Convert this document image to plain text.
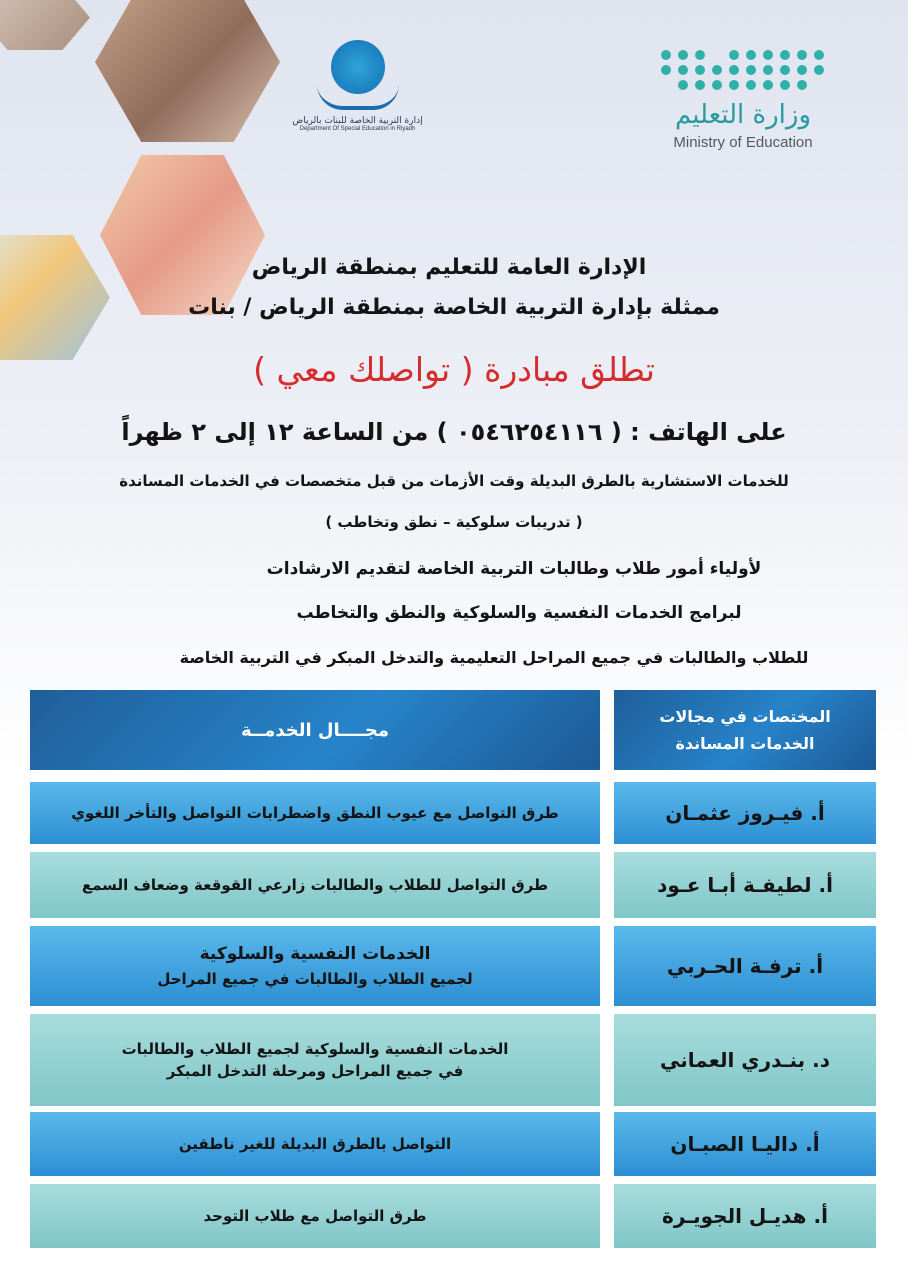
إدارة التربية الخاصة للبنات بالرياض
Department Of Special Education in Riyadh	وزارة التعليم
Ministry of Education
الإدارة العامة للتعليم بمنطقة الرياض
ممثلة بإدارة التربية الخاصة بمنطقة الرياض / بنات
تطلق مبادرة ( تواصلك معي )
على الهاتف : ( ٠٥٤٦٢٥٤١١٦ ) من الساعة ١٢ إلى ٢ ظهراً
للخدمات الاستشارية بالطرق البديلة وقت الأزمات من قبل متخصصات في الخدمات المساندة
( تدريبات سلوكية – نطق وتخاطب )
لأولياء أمور طلاب وطالبات التربية الخاصة لتقديم الارشادات
لبرامج الخدمات النفسية والسلوكية والنطق والتخاطب
للطلاب والطالبات في جميع المراحل التعليمية والتدخل المبكر في التربية الخاصة
المختصات في مجالات
الخدمات المساندة
مجــــال الخدمــة
أ. فيـروز عثمـان
طرق التواصل مع عيوب النطق واضطرابات التواصل والتأخر اللغوي
أ. لطيفـة أبـا عـود
طرق التواصل للطلاب والطالبات زارعي القوقعة وضعاف السمع
أ. ترفـة الحـربي
الخدمات النفسية والسلوكية
لجميع الطلاب والطالبات في جميع المراحل
د. بنـدري العماني
الخدمات النفسية والسلوكية لجميع الطلاب والطالبات
في جميع المراحل ومرحلة التدخل المبكر
أ. داليـا الصبـان
التواصل بالطرق البديلة للغير ناطقين
أ. هديـل الجويـرة
طرق التواصل مع طلاب التوحد
